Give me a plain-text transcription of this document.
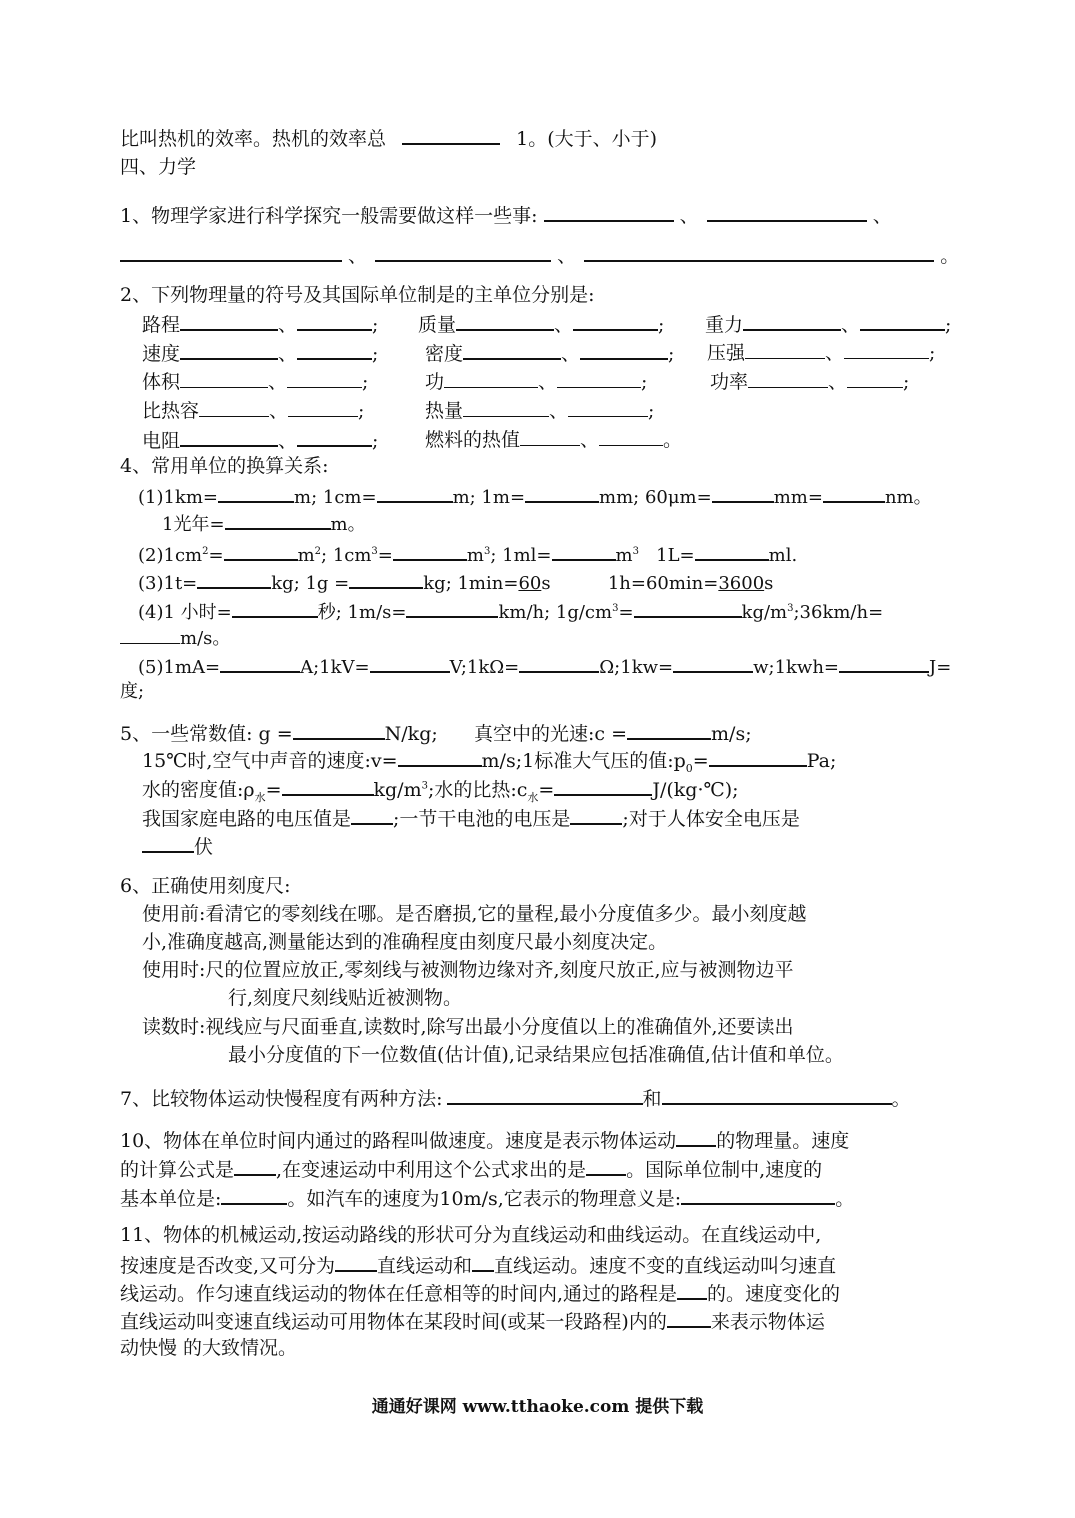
比叫热机的效率。热机的效率总	1。(大于、小于)
四、力学
1、物理学家进行科学探究一般需要做这样一些事:	、	、
、	、	。
2、下列物理量的符号及其国际单位制是的主单位分别是:
路程	、	; 质量	、	; 重力	、	;
速度	、	; 密度	、	; 压强	、	;
体积	、	;	功	、	;	功率	、	;
比热容	、	;	热量	、	;
电阻	、	; 燃料的热值	、	。
4、常用单位的换算关系:
(1)1km=	m; 1cm=	m; 1m=	mm; 60μm=	mm=	nm。
1光年=	m。
$(2)1cm^2=$	$m^2$; $1cm^3=$	$m^3$; 1ml=	$m^3$ 1L=	ml.
(3)1t=	kg; 1g =	kg; 1min=60s	1h=60min=3600s
(4)1 小时=	秒; 1m/s=	km/h; $1g/cm^3=$	$kg/m^3;36km/h=$
m/s。
(5)1mA=	A;1kV=	V;1kΩ=	Ω;1kw=	w;1kwh=	J=
度;
5、一些常数值: g =	N/kg; 真空中的光速:c =	m/s;
15℃时,空气中声音的速度:v=	m/s;1标准大气压的值$:p_0=$	Pa;
水的密度值$:\rho_水=$	$kg/m^3$;水的比热$:c_水=$	J/(kg·℃);
我国家庭电路的电压值是 ;一节干电池的电压是	;对于人体安全电压是
伏
6、正确使用刻度尺:
使用前:看清它的零刻线在哪。是否磨损,它的量程,最小分度值多少。最小刻度越
小,准确度越高,测量能达到的准确程度由刻度尺最小刻度决定。
使用时:尺的位置应放正,零刻线与被测物边缘对齐,刻度尺放正,应与被测物边平
行,刻度尺刻线贴近被测物。
读数时:视线应与尺面垂直,读数时,除写出最小分度值以上的准确值外,还要读出
最小分度值的下一位数值(估计值),记录结果应包括准确值,估计值和单位。
7、比较物体运动快慢程度有两种方法:	和	。
10、物体在单位时间内通过的路程叫做速度。速度是表示物体运动 的物理量。速度
的计算公式是 ,在变速运动中利用这个公式求出的是 。国际单位制中,速度的
基本单位是:	。如汽车的速度为10m/s,它表示的物理意义是:	。
11、物体的机械运动,按运动路线的形状可分为直线运动和曲线运动。在直线运动中,
按速度是否改变,又可分为 直线运动和 直线运动。速度不变的直线运动叫匀速直
线运动。作匀速直线运动的物体在任意相等的时间内,通过的路程是 的。速度变化的
直线运动叫变速直线运动可用物体在某段时间(或某一段路程)内的 来表示物体运
动快慢 的大致情况。
通通好课网 www.tthaoke.com 提供下载
